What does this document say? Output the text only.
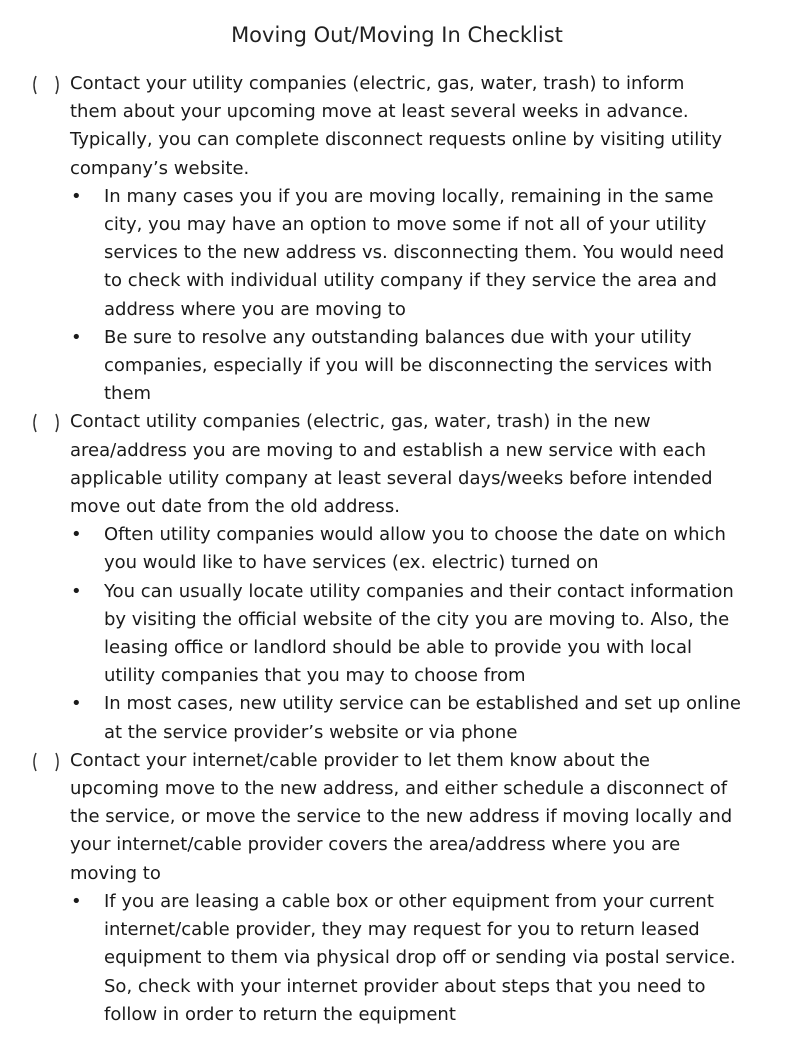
Moving Out/Moving In Checklist
Contact your utility companies (electric, gas, water, trash) to inform
them about your upcoming move at least several weeks in advance.
Typically, you can complete disconnect requests online by visiting utility
company’s website.
• In many cases you if you are moving locally, remaining in the same
city, you may have an option to move some if not all of your utility
services to the new address vs. disconnecting them. You would need
to check with individual utility company if they service the area and
address where you are moving to
• Be sure to resolve any outstanding balances due with your utility
companies, especially if you will be disconnecting the services with
them
Contact utility companies (electric, gas, water, trash) in the new
area/address you are moving to and establish a new service with each
applicable utility company at least several days/weeks before intended
move out date from the old address.
• Often utility companies would allow you to choose the date on which
you would like to have services (ex. electric) turned on
• You can usually locate utility companies and their contact information
by visiting the official website of the city you are moving to. Also, the
leasing office or landlord should be able to provide you with local
utility companies that you may to choose from
• In most cases, new utility service can be established and set up online
at the service provider’s website or via phone
Contact your internet/cable provider to let them know about the
upcoming move to the new address, and either schedule a disconnect of
the service, or move the service to the new address if moving locally and
your internet/cable provider covers the area/address where you are
moving to
• If you are leasing a cable box or other equipment from your current
internet/cable provider, they may request for you to return leased
equipment to them via physical drop off or sending via postal service.
So, check with your internet provider about steps that you need to
follow in order to return the equipment
